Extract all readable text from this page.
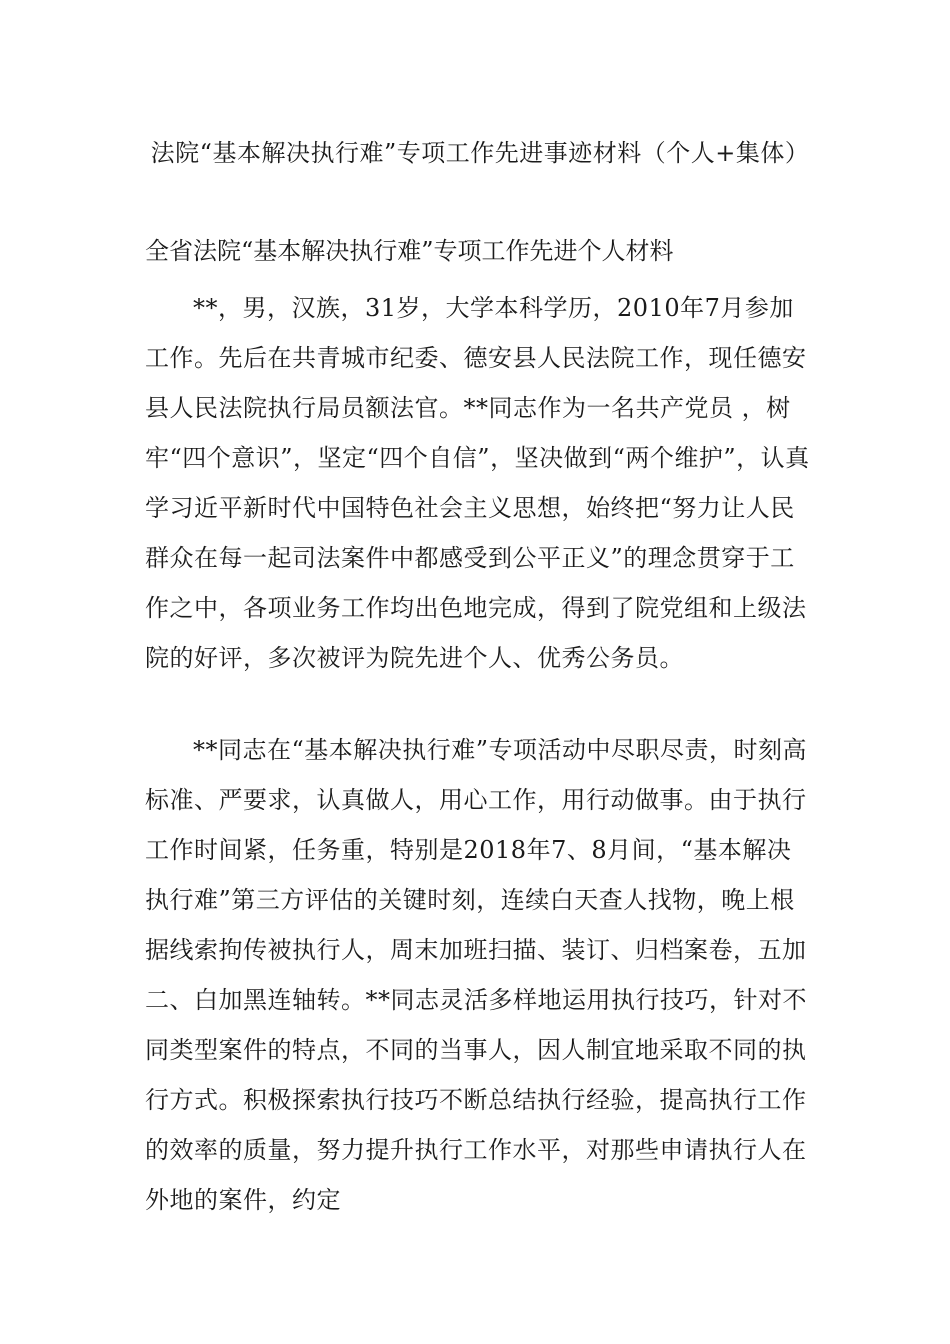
法院“基本解决执行难”专项工作先进事迹材料（个人+集体）
全省法院“基本解决执行难”专项工作先进个人材料
**，男，汉族，31岁，大学本科学历，2010年7月参加工作。先后在共青城市纪委、德安县人民法院工作，现任德安县人民法院执行局员额法官。**同志作为一名共产党员 ，树牢“四个意识”，坚定“四个自信”，坚决做到“两个维护”，认真学习近平新时代中国特色社会主义思想，始终把“努力让人民群众在每一起司法案件中都感受到公平正义”的理念贯穿于工作之中，各项业务工作均出色地完成，得到了院党组和上级法院的好评，多次被评为院先进个人、优秀公务员。
**同志在“基本解决执行难”专项活动中尽职尽责，时刻高标准、严要求，认真做人，用心工作，用行动做事。由于执行工作时间紧，任务重，特别是2018年7、8月间，“基本解决执行难”第三方评估的关键时刻，连续白天查人找物，晚上根据线索拘传被执行人，周末加班扫描、装订、归档案卷，五加二、白加黑连轴转。**同志灵活多样地运用执行技巧，针对不同类型案件的特点，不同的当事人，因人制宜地采取不同的执行方式。积极探索执行技巧不断总结执行经验，提高执行工作的效率的质量，努力提升执行工作水平，对那些申请执行人在外地的案件，约定
